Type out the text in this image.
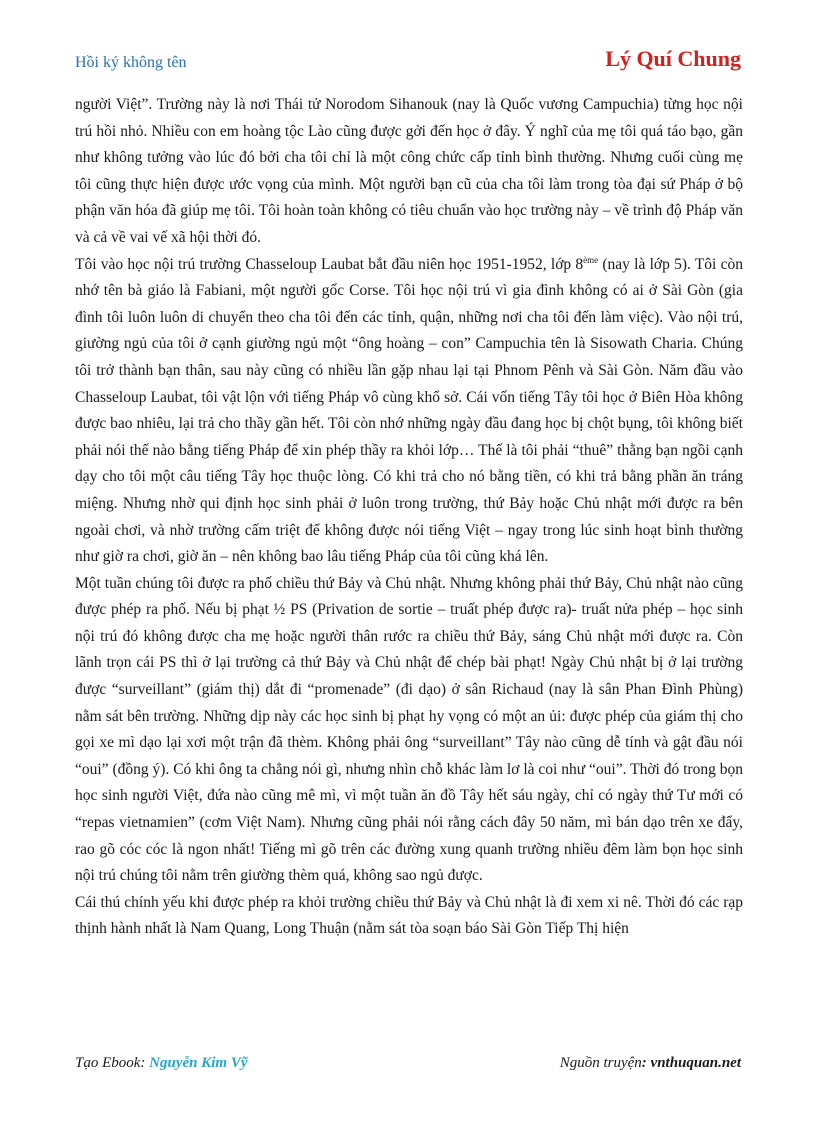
Hồi ký không tên	Lý Quí Chung

người Việt”. Trường này là nơi Thái tử Norodom Sihanouk (nay là Quốc vương Campuchia) từng học nội trú hồi nhỏ. Nhiều con em hoàng tộc Lào cũng được gởi đến học ở đây. Ý nghĩ của mẹ tôi quá táo bạo, gần như không tưởng vào lúc đó bởi cha tôi chỉ là một công chức cấp tỉnh bình thường. Nhưng cuối cùng mẹ tôi cũng thực hiện được ước vọng của mình. Một người bạn cũ của cha tôi làm trong tòa đại sứ Pháp ở bộ phận văn hóa đã giúp mẹ tôi. Tôi hoàn toàn không có tiêu chuẩn vào học trường này – về trình độ Pháp văn và cả về vai vế xã hội thời đó.

Tôi vào học nội trú trường Chasseloup Laubat bắt đầu niên học 1951-1952, lớp 8ème (nay là lớp 5). Tôi còn nhớ tên bà giáo là Fabiani, một người gốc Corse. Tôi học nội trú vì gia đình không có ai ở Sài Gòn (gia đình tôi luôn luôn di chuyển theo cha tôi đến các tỉnh, quận, những nơi cha tôi đến làm việc). Vào nội trú, giường ngủ của tôi ở cạnh giường ngủ một “ông hoàng – con” Campuchia tên là Sisowath Charia. Chúng tôi trở thành bạn thân, sau này cũng có nhiều lần gặp nhau lại tại Phnom Pênh và Sài Gòn. Năm đầu vào Chasseloup Laubat, tôi vật lộn với tiếng Pháp vô cùng khổ sở. Cái vốn tiếng Tây tôi học ở Biên Hòa không được bao nhiêu, lại trả cho thầy gần hết. Tôi còn nhớ những ngày đầu đang học bị chột bụng, tôi không biết phải nói thế nào bằng tiếng Pháp để xin phép thầy ra khỏi lớp… Thế là tôi phải “thuê” thằng bạn ngồi cạnh dạy cho tôi một câu tiếng Tây học thuộc lòng. Có khi trả cho nó bằng tiền, có khi trả bằng phần ăn tráng miệng. Nhưng nhờ qui định học sinh phải ở luôn trong trường, thứ Bảy hoặc Chủ nhật mới được ra bên ngoài chơi, và nhờ trường cấm triệt để không được nói tiếng Việt – ngay trong lúc sinh hoạt bình thường như giờ ra chơi, giờ ăn – nên không bao lâu tiếng Pháp của tôi cũng khá lên.

Một tuần chúng tôi được ra phố chiều thứ Bảy và Chủ nhật. Nhưng không phải thứ Bảy, Chủ nhật nào cũng được phép ra phố. Nếu bị phạt ½ PS (Privation de sortie – truất phép được ra)- truất nửa phép – học sinh nội trú đó không được cha mẹ hoặc người thân rước ra chiều thứ Bảy, sáng Chủ nhật mới được ra. Còn lãnh trọn cái PS thì ở lại trường cả thứ Bảy và Chủ nhật để chép bài phạt! Ngày Chủ nhật bị ở lại trường được “surveillant” (giám thị) dắt đi “promenade” (đi dạo) ở sân Richaud (nay là sân Phan Đình Phùng) nằm sát bên trường. Những dịp này các học sinh bị phạt hy vọng có một an ủi: được phép của giám thị cho gọi xe mì dạo lại xơi một trận đã thèm. Không phải ông “surveillant” Tây nào cũng dễ tính và gật đầu nói “oui” (đồng ý). Có khi ông ta chẳng nói gì, nhưng nhìn chỗ khác làm lơ là coi như “oui”. Thời đó trong bọn học sinh người Việt, đứa nào cũng mê mì, vì một tuần ăn đồ Tây hết sáu ngày, chỉ có ngày thứ Tư mới có “repas vietnamien” (cơm Việt Nam). Nhưng cũng phải nói rằng cách đây 50 năm, mì bán dạo trên xe đẩy, rao gõ cóc cóc là ngon nhất! Tiếng mì gõ trên các đường xung quanh trường nhiều đêm làm bọn học sinh nội trú chúng tôi nằm trên giường thèm quá, không sao ngủ được.

Cái thú chính yếu khi được phép ra khỏi trường chiều thứ Bảy và Chủ nhật là đi xem xi nê. Thời đó các rạp thịnh hành nhất là Nam Quang, Long Thuận (nằm sát tòa soạn báo Sài Gòn Tiếp Thị hiện

Tạo Ebook: Nguyễn Kim Vỹ	Nguồn truyện: vnthuquan.net
